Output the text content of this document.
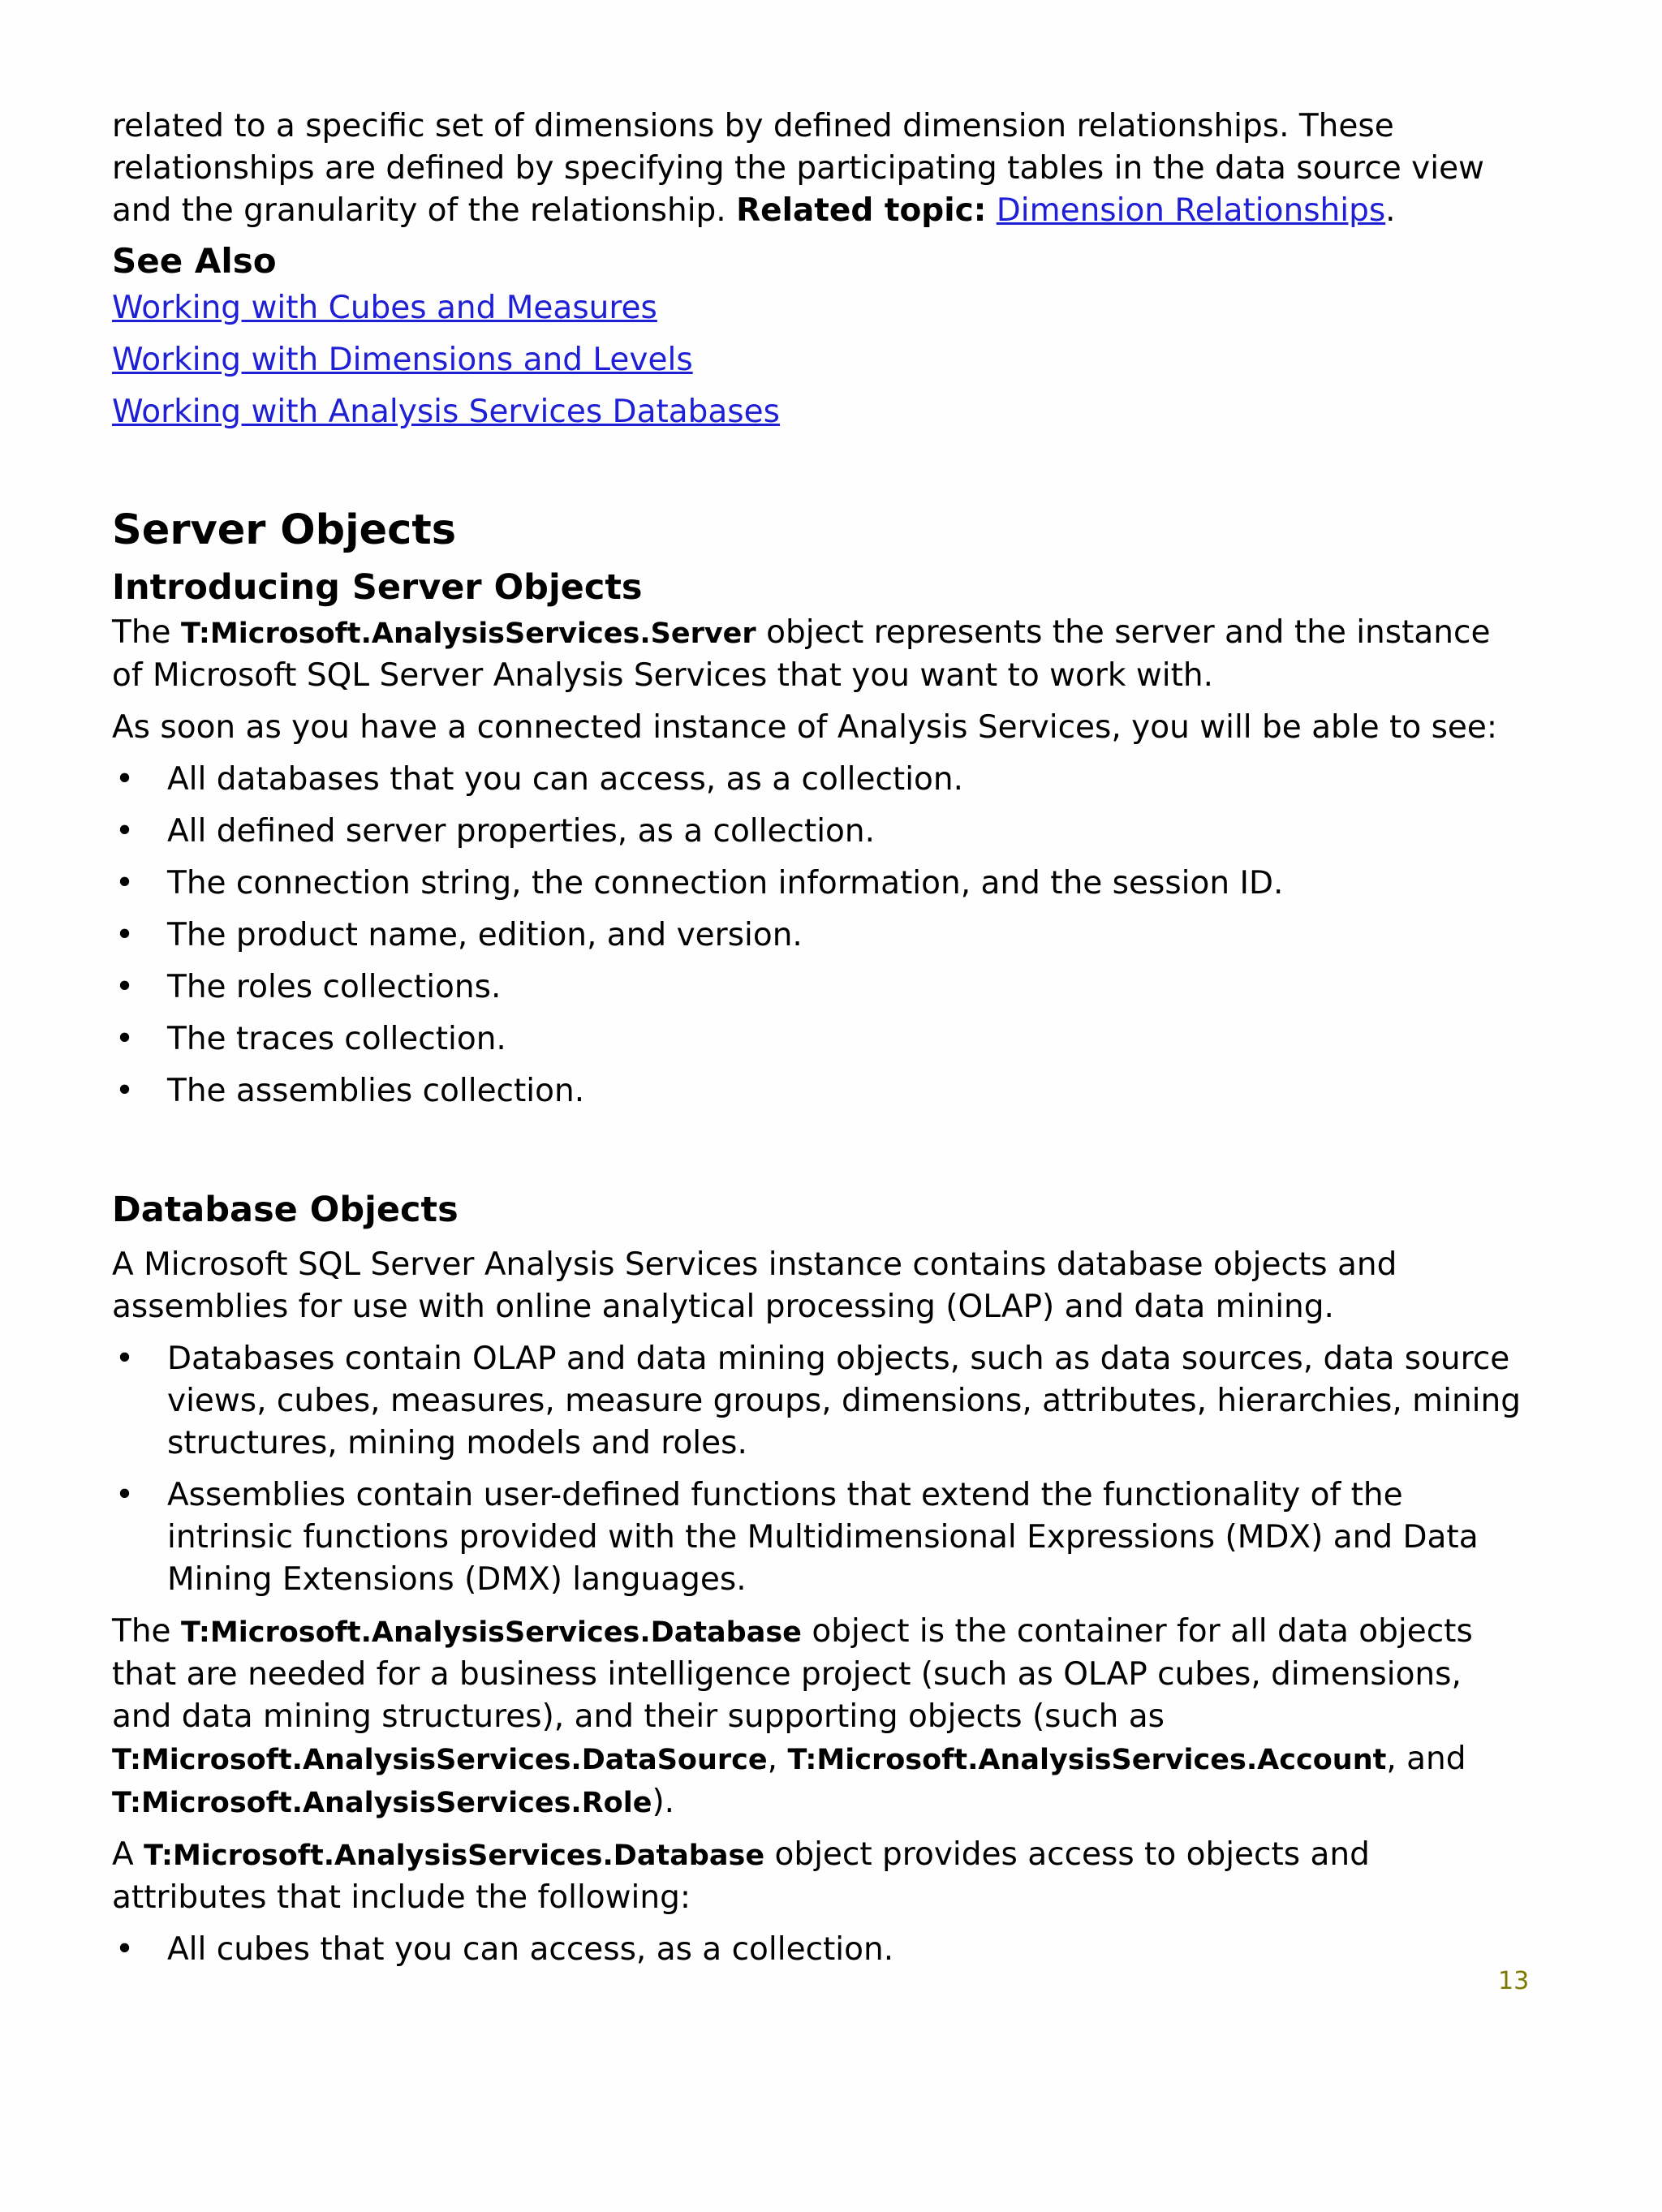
related to a specific set of dimensions by defined dimension relationships. These relationships are defined by specifying the participating tables in the data source view and the granularity of the relationship. Related topic: Dimension Relationships.

See Also
Working with Cubes and Measures
Working with Dimensions and Levels
Working with Analysis Services Databases
Server Objects
Introducing Server Objects

The T:Microsoft.AnalysisServices.Server object represents the server and the instance of Microsoft SQL Server Analysis Services that you want to work with.

As soon as you have a connected instance of Analysis Services, you will be able to see:

• All databases that you can access, as a collection.
• All defined server properties, as a collection.
• The connection string, the connection information, and the session ID.
• The product name, edition, and version.
• The roles collections.
• The traces collection.
• The assemblies collection.
Database Objects

A Microsoft SQL Server Analysis Services instance contains database objects and assemblies for use with online analytical processing (OLAP) and data mining.

• Databases contain OLAP and data mining objects, such as data sources, data source views, cubes, measures, measure groups, dimensions, attributes, hierarchies, mining structures, mining models and roles.
• Assemblies contain user-defined functions that extend the functionality of the intrinsic functions provided with the Multidimensional Expressions (MDX) and Data Mining Extensions (DMX) languages.

The T:Microsoft.AnalysisServices.Database object is the container for all data objects that are needed for a business intelligence project (such as OLAP cubes, dimensions, and data mining structures), and their supporting objects (such as T:Microsoft.AnalysisServices.DataSource, T:Microsoft.AnalysisServices.Account, and T:Microsoft.AnalysisServices.Role).

A T:Microsoft.AnalysisServices.Database object provides access to objects and attributes that include the following:

• All cubes that you can access, as a collection.
13
